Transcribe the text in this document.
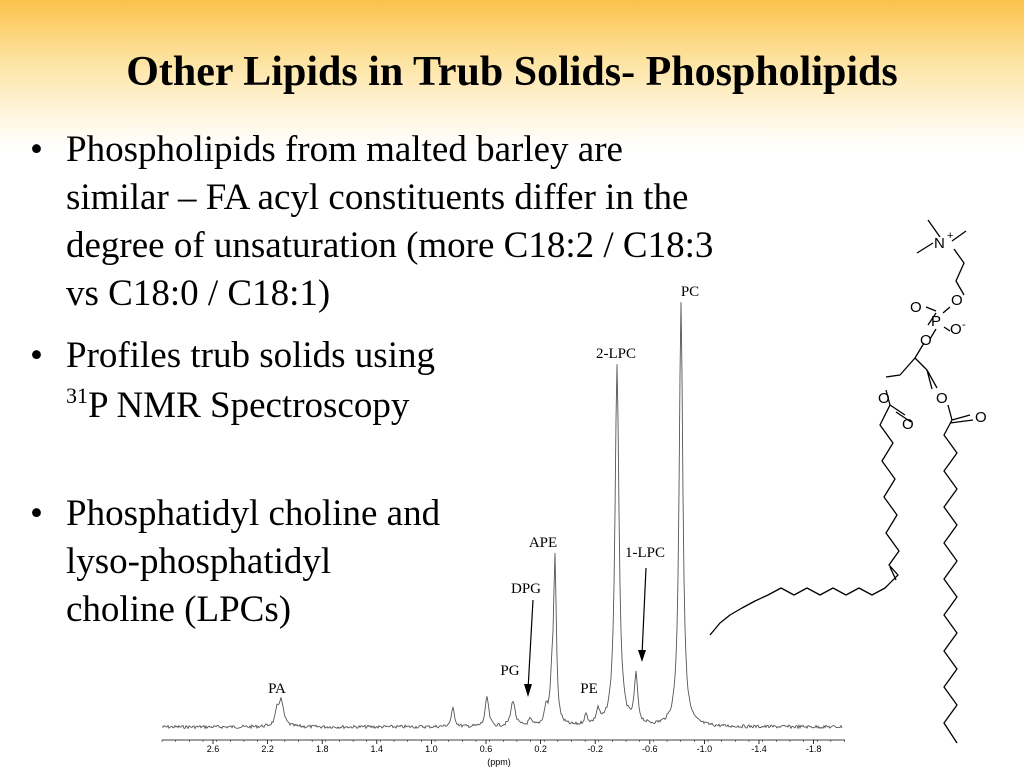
Other Lipids in Trub Solids- Phospholipids
• Phospholipids from malted barley are
similar – FA acyl constituents differ in the
degree of unsaturation (more C18:2 / C18:3
vs C18:0 / C18:1)
• Profiles trub solids using
$^{31}$P NMR Spectroscopy
• Phosphatidyl choline and
lyso-phosphatidyl
choline (LPCs)
2.6	2.2	1.8	1.4	1.0	0.6	0.2	-0.2	-0.6	-1.0	-1.4	-1.8
(ppm)
PC
2-LPC
APE
1-LPC
DPG
PG
PE
PA
N +
O
O
P O -
O
O	O
O	O
